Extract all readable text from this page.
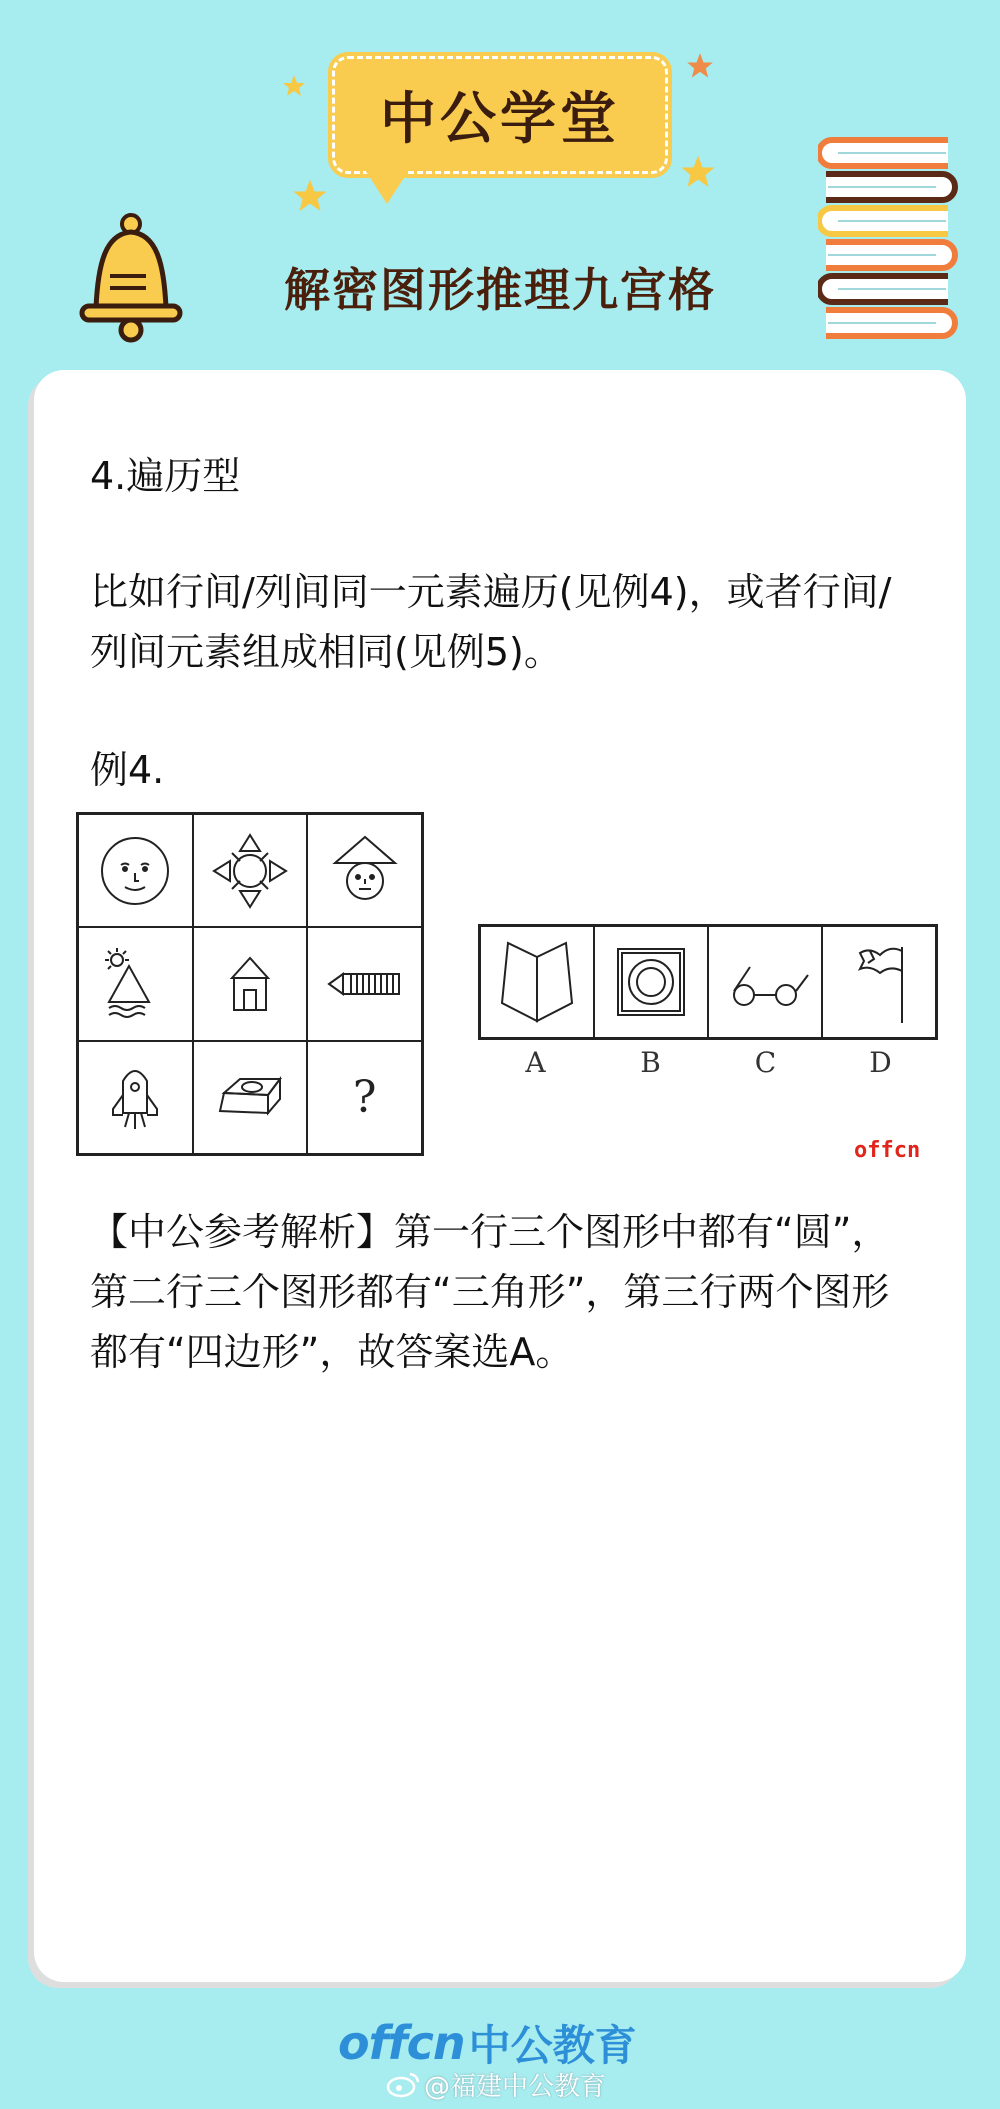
中公学堂
解密图形推理九宫格
4.遍历型
比如行间/列间同一元素遍历(见例4)，或者行间/列间元素组成相同(见例5)。
例4.
?
A	B	C	D
offcn
【中公参考解析】第一行三个图形中都有“圆”，第二行三个图形都有“三角形”，第三行两个图形都有“四边形”，故答案选A。
offcn 中公教育
@福建中公教育
